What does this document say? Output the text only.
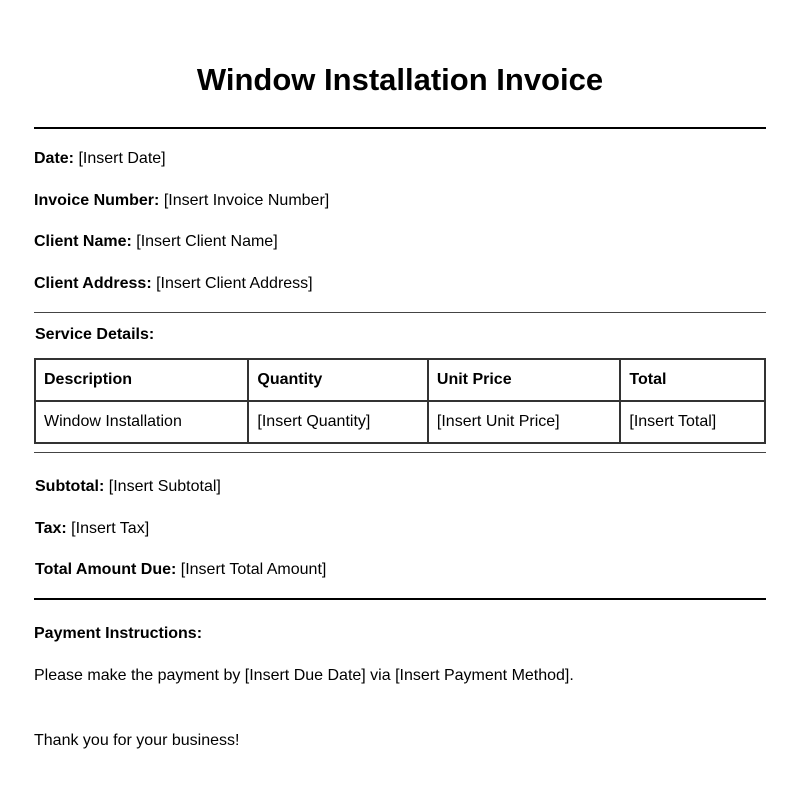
Window Installation Invoice
Date: [Insert Date]
Invoice Number: [Insert Invoice Number]
Client Name: [Insert Client Name]
Client Address: [Insert Client Address]
Service Details:
Description	Quantity	Unit Price	Total
Window Installation	[Insert Quantity]	[Insert Unit Price]	[Insert Total]
Subtotal: [Insert Subtotal]
Tax: [Insert Tax]
Total Amount Due: [Insert Total Amount]
Payment Instructions:
Please make the payment by [Insert Due Date] via [Insert Payment Method].
Thank you for your business!
